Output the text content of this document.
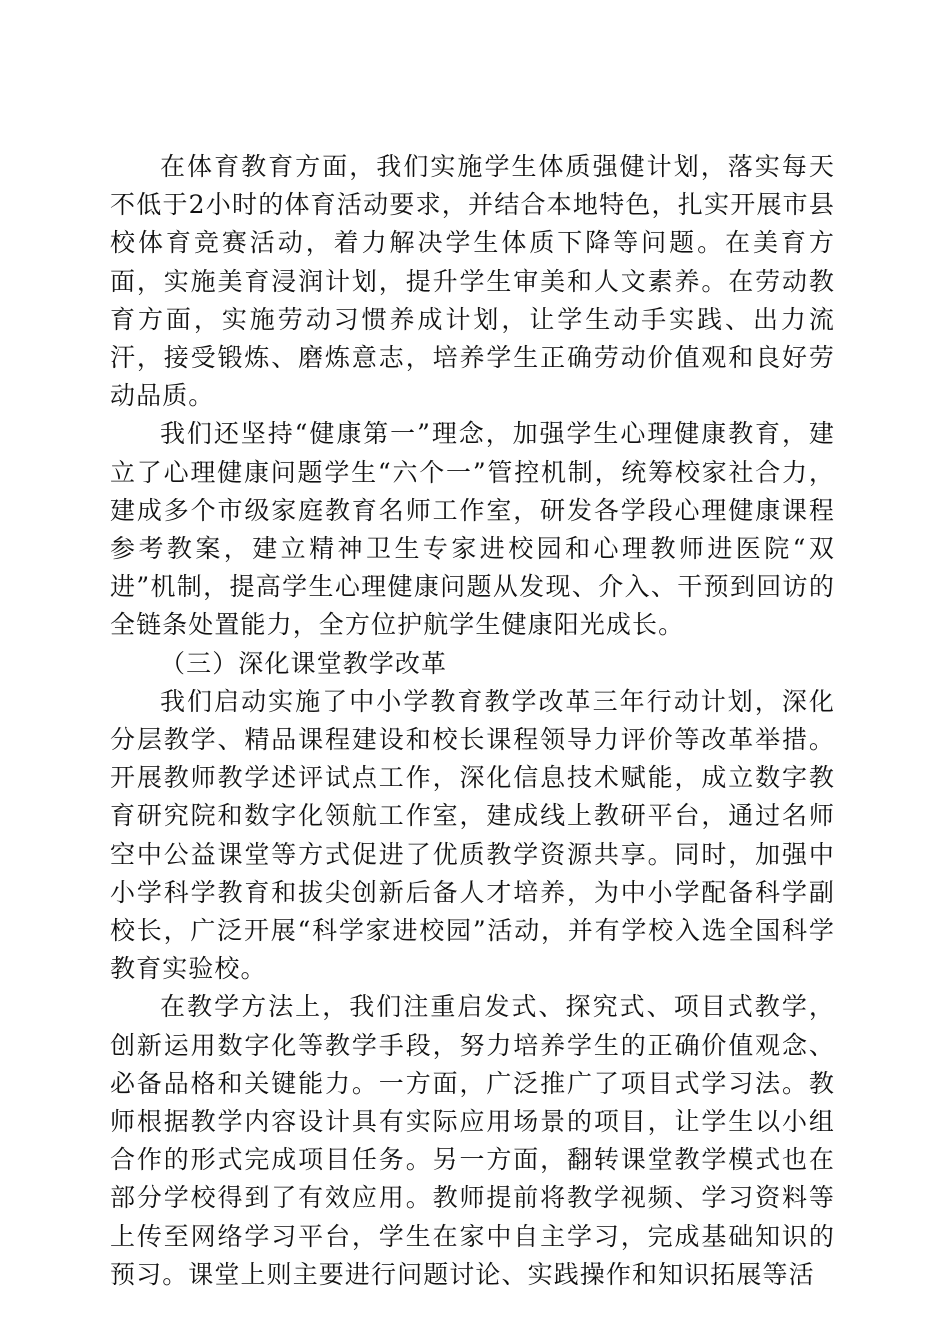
在体育教育方面，我们实施学生体质强健计划，落实每天不低于2小时的体育活动要求，并结合本地特色，扎实开展市县校体育竞赛活动，着力解决学生体质下降等问题。在美育方面，实施美育浸润计划，提升学生审美和人文素养。在劳动教育方面，实施劳动习惯养成计划，让学生动手实践、出力流汗，接受锻炼、磨炼意志，培养学生正确劳动价值观和良好劳动品质。

我们还坚持“健康第一”理念，加强学生心理健康教育，建立了心理健康问题学生“六个一”管控机制，统筹校家社合力，建成多个市级家庭教育名师工作室，研发各学段心理健康课程参考教案，建立精神卫生专家进校园和心理教师进医院“双进”机制，提高学生心理健康问题从发现、介入、干预到回访的全链条处置能力，全方位护航学生健康阳光成长。

（三）深化课堂教学改革

我们启动实施了中小学教育教学改革三年行动计划，深化分层教学、精品课程建设和校长课程领导力评价等改革举措。开展教师教学述评试点工作，深化信息技术赋能，成立数字教育研究院和数字化领航工作室，建成线上教研平台，通过名师空中公益课堂等方式促进了优质教学资源共享。同时，加强中小学科学教育和拔尖创新后备人才培养，为中小学配备科学副校长，广泛开展“科学家进校园”活动，并有学校入选全国科学教育实验校。

在教学方法上，我们注重启发式、探究式、项目式教学，创新运用数字化等教学手段，努力培养学生的正确价值观念、必备品格和关键能力。一方面，广泛推广了项目式学习法。教师根据教学内容设计具有实际应用场景的项目，让学生以小组合作的形式完成项目任务。另一方面，翻转课堂教学模式也在部分学校得到了有效应用。教师提前将教学视频、学习资料等上传至网络学习平台，学生在家中自主学习，完成基础知识的预习。课堂上则主要进行问题讨论、实践操作和知识拓展等活
